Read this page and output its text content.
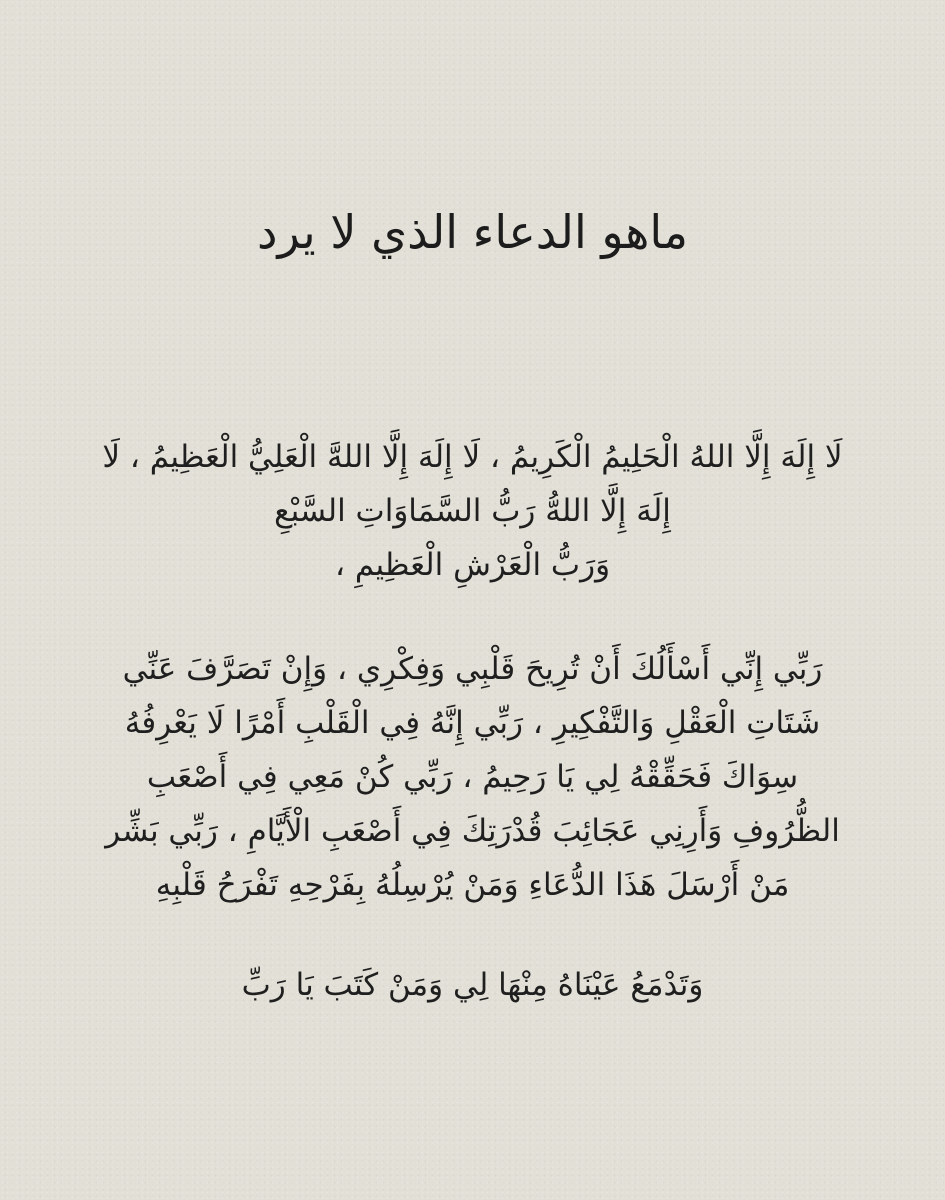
ماهو الدعاء الذي لا يرد

لَا إِلَهَ إِلَّا اللهُ الْحَلِيمُ الْكَرِيمُ ، لَا إِلَهَ إِلَّا اللهَّ الْعَلِيُّ الْعَظِيمُ ، لَا
إِلَهَ إِلَّا اللهُّ رَبُّ السَّمَاوَاتِ السَّبْعِ
وَرَبُّ الْعَرْشِ الْعَظِيمِ ،

رَبِّي إِنِّي أَسْأَلُكَ أَنْ تُرِيحَ قَلْبِي وَفِكْرِي ، وَإِنْ تَصَرَّفَ عَنِّي
شَتَاتِ الْعَقْلِ وَالتَّفْكِيرِ ، رَبِّي إِنَّهُ فِي الْقَلْبِ أَمْرًا لَا يَعْرِفُهُ
سِوَاكَ فَحَقِّقْهُ لِي يَا رَحِيمُ ، رَبِّي كُنْ مَعِي فِي أَصْعَبِ
الظُّرُوفِ وَأَرِنِي عَجَائِبَ قُدْرَتِكَ فِي أَصْعَبِ الْأَيَّامِ ، رَبِّي بَشِّر
مَنْ أَرْسَلَ هَذَا الدُّعَاءِ وَمَنْ يُرْسِلُهُ بِفَرْحِهِ تَفْرَحُ قَلْبِهِ

وَتَدْمَعُ عَيْنَاهُ مِنْهَا لِي وَمَنْ كَتَبَ يَا رَبِّ
